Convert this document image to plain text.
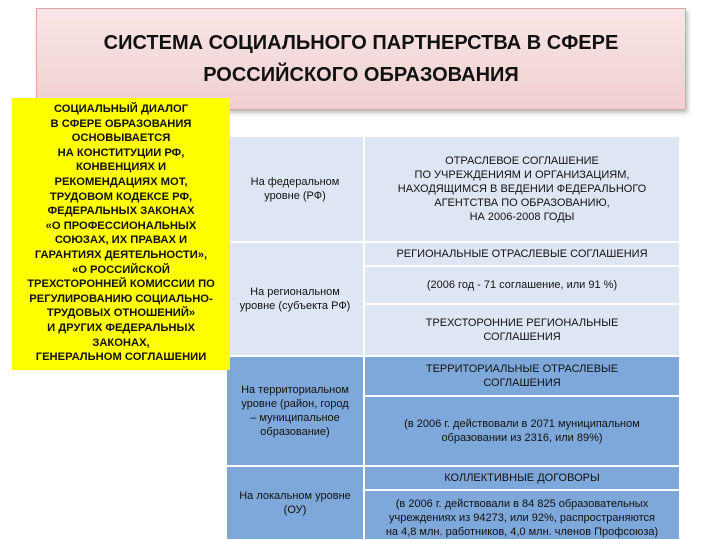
СИСТЕМА СОЦИАЛЬНОГО ПАРТНЕРСТВА В СФЕРЕ
РОССИЙСКОГО ОБРАЗОВАНИЯ
На федеральном
уровне (РФ)
На региональном
уровне (субъекта РФ)
На территориальном
уровне (район, город
– муниципальное
образование)
На локальном уровне
(ОУ)
ОТРАСЛЕВОЕ СОГЛАШЕНИЕ
ПО УЧРЕЖДЕНИЯМ И ОРГАНИЗАЦИЯМ,
НАХОДЯЩИМСЯ В ВЕДЕНИИ ФЕДЕРАЛЬНОГО
АГЕНТСТВА ПО ОБРАЗОВАНИЮ,
НА 2006-2008 ГОДЫ
РЕГИОНАЛЬНЫЕ ОТРАСЛЕВЫЕ СОГЛАШЕНИЯ
(2006 год - 71 соглашение, или 91 %)
ТРЕХСТОРОННИЕ РЕГИОНАЛЬНЫЕ
СОГЛАШЕНИЯ
ТЕРРИТОРИАЛЬНЫЕ ОТРАСЛЕВЫЕ
СОГЛАШЕНИЯ
(в 2006 г. действовали в 2071 муниципальном
образовании из 2316, или 89%)
КОЛЛЕКТИВНЫЕ ДОГОВОРЫ
(в 2006 г. действовали в 84 825 образовательных
учреждениях из 94273, или 92%, распространяются
на 4,8 млн. работников, 4,0 млн. членов Профсоюза)
СОЦИАЛЬНЫЙ ДИАЛОГ
В СФЕРЕ ОБРАЗОВАНИЯ
ОСНОВЫВАЕТСЯ
НА КОНСТИТУЦИИ РФ,
КОНВЕНЦИЯХ И
РЕКОМЕНДАЦИЯХ МОТ,
ТРУДОВОМ КОДЕКСЕ РФ,
ФЕДЕРАЛЬНЫХ ЗАКОНАХ
«О ПРОФЕССИОНАЛЬНЫХ
СОЮЗАХ, ИХ ПРАВАХ И
ГАРАНТИЯХ ДЕЯТЕЛЬНОСТИ»,
«О РОССИЙСКОЙ
ТРЕХСТОРОННЕЙ КОМИССИИ ПО
РЕГУЛИРОВАНИЮ СОЦИАЛЬНО-
ТРУДОВЫХ ОТНОШЕНИЙ»
И ДРУГИХ ФЕДЕРАЛЬНЫХ
ЗАКОНАХ,
ГЕНЕРАЛЬНОМ СОГЛАШЕНИИ
